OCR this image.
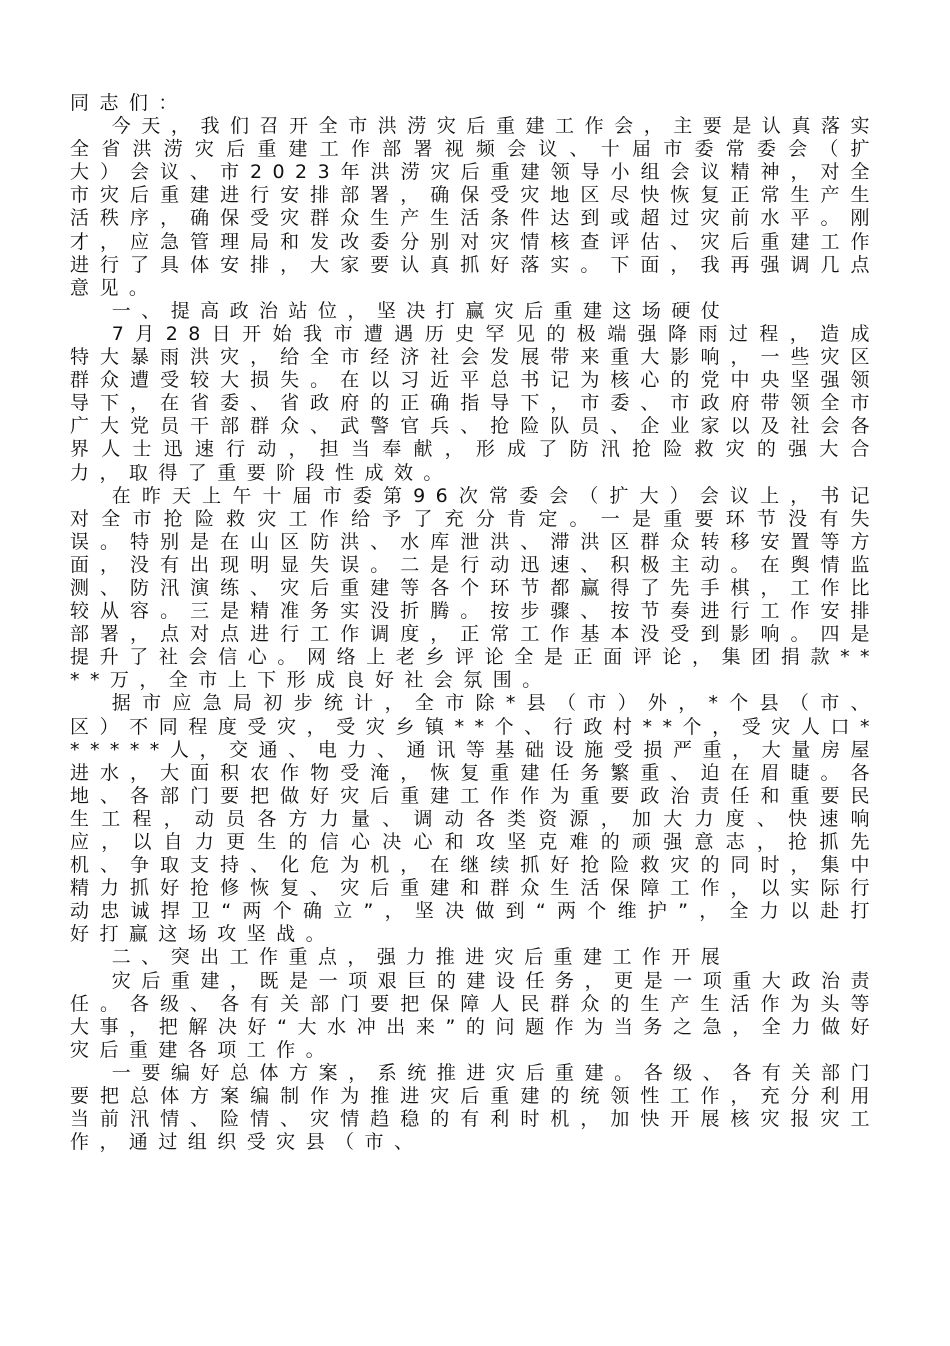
同志们：

今天，我们召开全市洪涝灾后重建工作会，主要是认真落实全省洪涝灾后重建工作部署视频会议、十届市委常委会（扩大）会议、市2023年洪涝灾后重建领导小组会议精神，对全市灾后重建进行安排部署，确保受灾地区尽快恢复正常生产生活秩序，确保受灾群众生产生活条件达到或超过灾前水平。刚才，应急管理局和发改委分别对灾情核查评估、灾后重建工作进行了具体安排，大家要认真抓好落实。下面，我再强调几点意见。

一、提高政治站位，坚决打赢灾后重建这场硬仗

7月28日开始我市遭遇历史罕见的极端强降雨过程，造成特大暴雨洪灾，给全市经济社会发展带来重大影响，一些灾区群众遭受较大损失。在以习近平总书记为核心的党中央坚强领导下，在省委、省政府的正确指导下，市委、市政府带领全市广大党员干部群众、武警官兵、抢险队员、企业家以及社会各界人士迅速行动，担当奉献，形成了防汛抢险救灾的强大合力，取得了重要阶段性成效。

在昨天上午十届市委第96次常委会（扩大）会议上，书记对全市抢险救灾工作给予了充分肯定。一是重要环节没有失误。特别是在山区防洪、水库泄洪、滞洪区群众转移安置等方面，没有出现明显失误。二是行动迅速、积极主动。在舆情监测、防汛演练、灾后重建等各个环节都赢得了先手棋，工作比较从容。三是精准务实没折腾。按步骤、按节奏进行工作安排部署，点对点进行工作调度，正常工作基本没受到影响。四是提升了社会信心。网络上老乡评论全是正面评论，集团捐款****万，全市上下形成良好社会氛围。

据市应急局初步统计，全市除*县（市）外，*个县（市、区）不同程度受灾，受灾乡镇**个、行政村**个，受灾人口******人，交通、电力、通讯等基础设施受损严重，大量房屋进水，大面积农作物受淹，恢复重建任务繁重、迫在眉睫。各地、各部门要把做好灾后重建工作作为重要政治责任和重要民生工程，动员各方力量、调动各类资源，加大力度、快速响应，以自力更生的信心决心和攻坚克难的顽强意志，抢抓先机、争取支持、化危为机，在继续抓好抢险救灾的同时，集中精力抓好抢修恢复、灾后重建和群众生活保障工作，以实际行动忠诚捍卫“两个确立”，坚决做到“两个维护”，全力以赴打好打赢这场攻坚战。

二、突出工作重点，强力推进灾后重建工作开展

灾后重建，既是一项艰巨的建设任务，更是一项重大政治责任。各级、各有关部门要把保障人民群众的生产生活作为头等大事，把解决好“大水冲出来”的问题作为当务之急，全力做好灾后重建各项工作。

一要编好总体方案，系统推进灾后重建。各级、各有关部门要把总体方案编制作为推进灾后重建的统领性工作，充分利用当前汛情、险情、灾情趋稳的有利时机，加快开展核灾报灾工作，通过组织受灾县（市、
